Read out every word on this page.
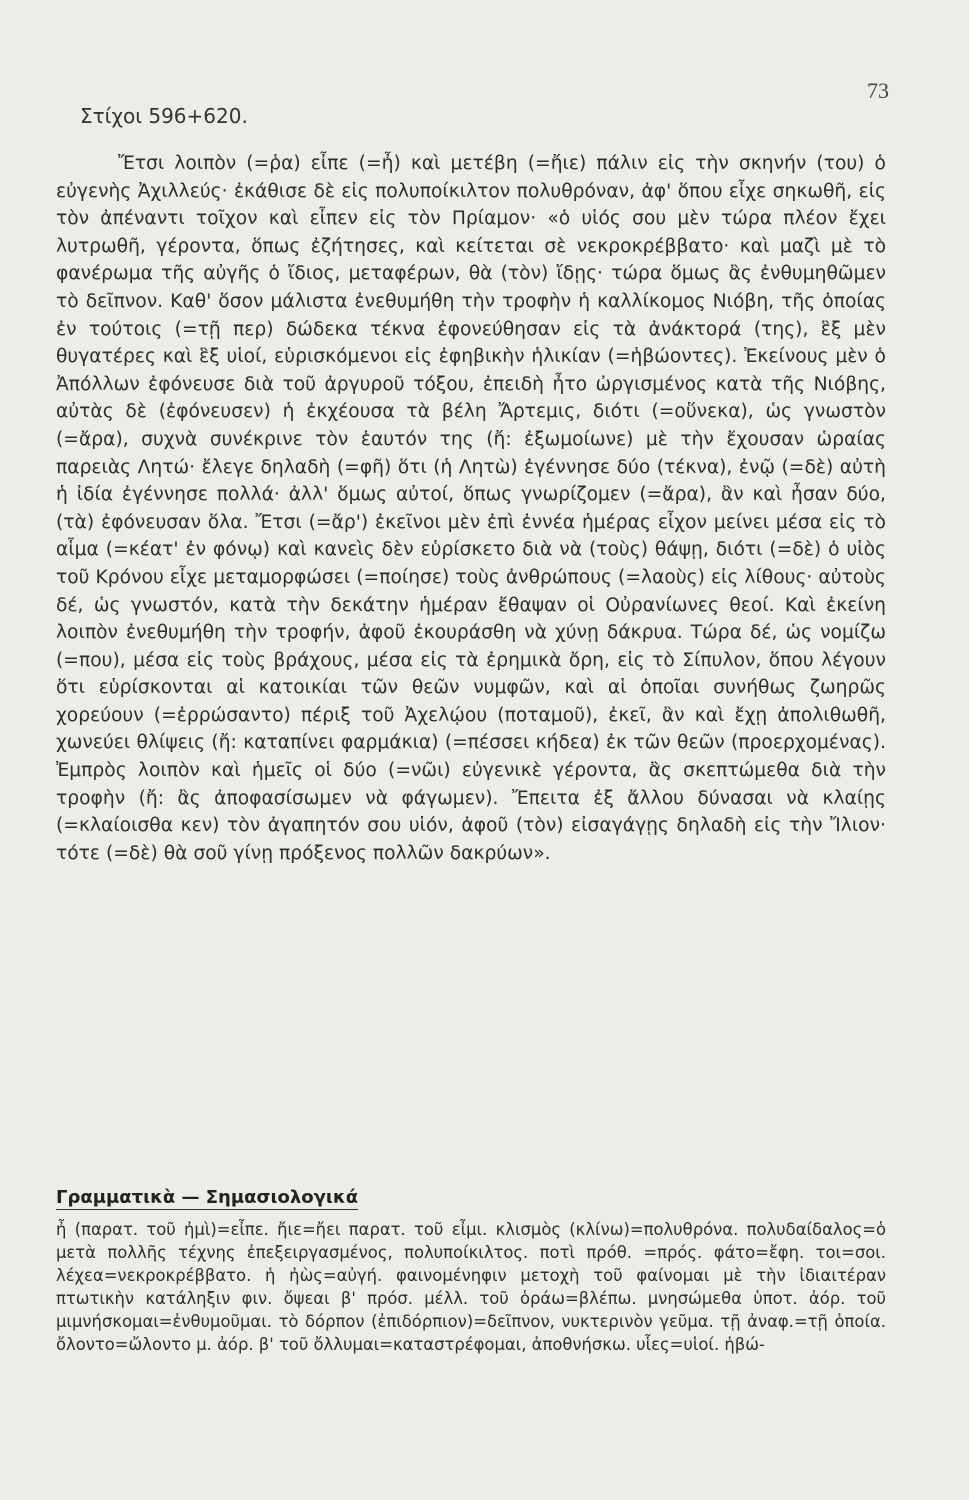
73
Στίχοι 596+620.
Ἔτσι λοιπὸν (=ῥα) εἶπε (=ἦ) καὶ μετέβη (=ἤιε) πάλιν εἰς τὴν σκηνήν (του) ὁ εὐγενὴς Ἀχιλλεύς· ἐκάθισε δὲ εἰς πολυποίκιλτον πολυθρόναν, ἀφ' ὅπου εἶχε σηκωθῆ, εἰς τὸν ἀπέναντι τοῖχον καὶ εἶπεν εἰς τὸν Πρίαμον· «ὁ υἱός σου μὲν τώρα πλέον ἔχει λυτρωθῆ, γέροντα, ὅπως ἐζήτησες, καὶ κείτεται σὲ νεκροκρέββατο· καὶ μαζὶ μὲ τὸ φανέρωμα τῆς αὐγῆς ὁ ἴδιος, μεταφέρων, θὰ (τὸν) ἴδῃς· τώρα ὅμως ἂς ἐνθυμηθῶμεν τὸ δεῖπνον. Καθ' ὅσον μάλιστα ἐνεθυμήθη τὴν τροφὴν ἡ καλλίκομος Νιόβη, τῆς ὁποίας ἐν τούτοις (=τῇ περ) δώδεκα τέκνα ἐφονεύθησαν εἰς τὰ ἀνάκτορά (της), ἓξ μὲν θυγατέρες καὶ ἓξ υἱοί, εὑρισκόμενοι εἰς ἐφηβικὴν ἡλικίαν (=ἡβώοντες). Ἐκείνους μὲν ὁ Ἀπόλλων ἐφόνευσε διὰ τοῦ ἀργυροῦ τόξου, ἐπειδὴ ἦτο ὠργισμένος κατὰ τῆς Νιόβης, αὐτὰς δὲ (ἐφόνευσεν) ἡ ἐκχέουσα τὰ βέλη Ἄρτεμις, διότι (=οὕνεκα), ὡς γνωστὸν (=ἄρα), συχνὰ συνέκρινε τὸν ἑαυτόν της (ἤ: ἐξωμοίωνε) μὲ τὴν ἔχουσαν ὡραίας παρειὰς Λητώ· ἔλεγε δηλαδὴ (=φῆ) ὅτι (ἡ Λητὼ) ἐγέννησε δύο (τέκνα), ἐνῷ (=δὲ) αὐτὴ ἡ ἰδία ἐγέννησε πολλά· ἀλλ' ὅμως αὐτοί, ὅπως γνωρίζομεν (=ἄρα), ἂν καὶ ἦσαν δύο, (τὰ) ἐφόνευσαν ὅλα. Ἔτσι (=ἄρ') ἐκεῖνοι μὲν ἐπὶ ἐννέα ἡμέρας εἶχον μείνει μέσα εἰς τὸ αἷμα (=κέατ' ἐν φόνῳ) καὶ κανεὶς δὲν εὑρίσκετο διὰ νὰ (τοὺς) θάψῃ, διότι (=δὲ) ὁ υἱὸς τοῦ Κρόνου εἶχε μεταμορφώσει (=ποίησε) τοὺς ἀνθρώπους (=λαοὺς) εἰς λίθους· αὐτοὺς δέ, ὡς γνωστόν, κατὰ τὴν δεκάτην ἡμέραν ἔθαψαν οἱ Οὐρανίωνες θεοί. Καὶ ἐκείνη λοιπὸν ἐνεθυμήθη τὴν τροφήν, ἀφοῦ ἐκουράσθη νὰ χύνῃ δάκρυα. Τώρα δέ, ὡς νομίζω (=που), μέσα εἰς τοὺς βράχους, μέσα εἰς τὰ ἐρημικὰ ὄρη, εἰς τὸ Σίπυλον, ὅπου λέγουν ὅτι εὑρίσκονται αἱ κατοικίαι τῶν θεῶν νυμφῶν, καὶ αἱ ὁποῖαι συνήθως ζωηρῶς χορεύουν (=ἐρρώσαντο) πέριξ τοῦ Ἀχελῴου (ποταμοῦ), ἐκεῖ, ἂν καὶ ἔχῃ ἀπολιθωθῆ, χωνεύει θλίψεις (ἤ: καταπίνει φαρμάκια) (=πέσσει κήδεα) ἐκ τῶν θεῶν (προερχομένας). Ἐμπρὸς λοιπὸν καὶ ἡμεῖς οἱ δύο (=νῶι) εὐγενικὲ γέροντα, ἂς σκεπτώμεθα διὰ τὴν τροφὴν (ἤ: ἂς ἀποφασίσωμεν νὰ φάγωμεν). Ἔπειτα ἐξ ἄλλου δύνασαι νὰ κλαίῃς (=κλαίοισθα κεν) τὸν ἀγαπητόν σου υἱόν, ἀφοῦ (τὸν) εἰσαγάγῃς δηλαδὴ εἰς τὴν Ἴλιον· τότε (=δὲ) θὰ σοῦ γίνῃ πρόξενος πολλῶν δακρύων».
Γραμματικὰ — Σημασιολογικά
ἦ (παρατ. τοῦ ἠμὶ)=εἶπε. ἤιε=ἤει παρατ. τοῦ εἶμι. κλισμὸς (κλίνω)=πολυθρόνα. πολυδαίδαλος=ὁ μετὰ πολλῆς τέχνης ἐπεξειργασμένος, πολυποίκιλτος. ποτὶ πρόθ. =πρός. φάτο=ἔφη. τοι=σοι. λέχεα=νεκροκρέββατο. ἡ ἠὼς=αὐγή. φαινομένηφιν μετοχὴ τοῦ φαίνομαι μὲ τὴν ἰδιαιτέραν πτωτικὴν κατάληξιν φιν. ὄψεαι β' πρόσ. μέλλ. τοῦ ὁράω=βλέπω. μνησώμεθα ὑποτ. ἀόρ. τοῦ μιμνήσκομαι=ἐνθυμοῦμαι. τὸ δόρπον (ἐπιδόρπιον)=δεῖπνον, νυκτερινὸν γεῦμα. τῇ ἀναφ.=τῇ ὁποία. ὄλοντο=ὤλοντο μ. ἀόρ. β' τοῦ ὄλλυμαι=καταστρέφομαι, ἀποθνήσκω. υἷες=υἱοί. ἡβώ-
